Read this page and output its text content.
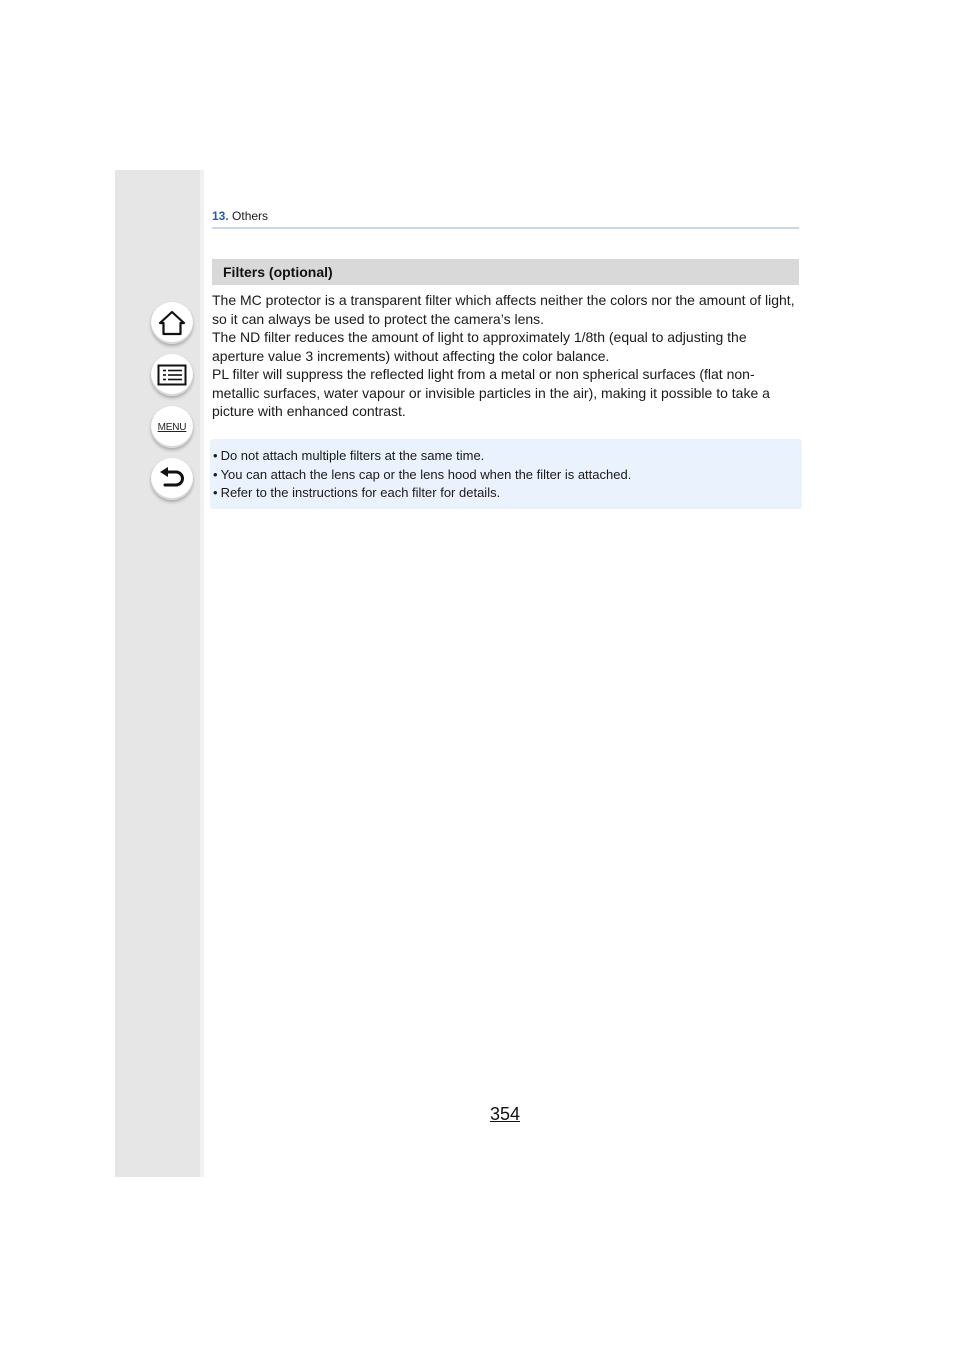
MENU
13. Others
Filters (optional)

The MC protector is a transparent filter which affects neither the colors nor the amount of light, so it can always be used to protect the camera’s lens.

The ND filter reduces the amount of light to approximately 1/8th (equal to adjusting the aperture value 3 increments) without affecting the color balance.

PL filter will suppress the reflected light from a metal or non spherical surfaces (flat non-metallic surfaces, water vapour or invisible particles in the air), making it possible to take a picture with enhanced contrast.

• Do not attach multiple filters at the same time.
• You can attach the lens cap or the lens hood when the filter is attached.
• Refer to the instructions for each filter for details.
354
